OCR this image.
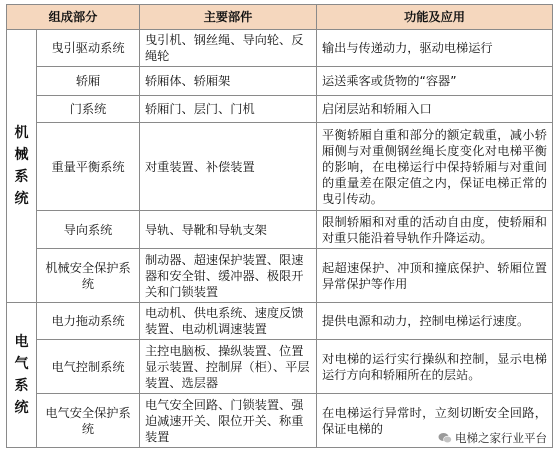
组成部分		主要部件	功能及应用

机
械
系
统	曳引驱动系统	曳引机、钢丝绳、导向轮、反绳轮	输出与传递动力，驱动电梯运行
	轿厢	轿厢体、轿厢架	运送乘客或货物的“容器”
	门系统	轿厢门、层门、门机	启闭层站和轿厢入口
	重量平衡系统	对重装置、补偿装置	平衡轿厢自重和部分的额定载重，减小轿厢侧与对重侧钢丝绳长度变化对电梯平衡的影响，在电梯运行中保持轿厢与对重间的重量差在限定值之内，保证电梯正常的曳引传动。
	导向系统	导轨、导靴和导轨支架	限制轿厢和对重的活动自由度，使轿厢和对重只能沿着导轨作升降运动。
	机械安全保护系统	制动器、超速保护装置、限速器和安全钳、缓冲器、极限开关和门锁装置	起超速保护、冲顶和撞底保护、轿厢位置异常保护等作用

电
气
系
统	电力拖动系统	电动机、供电系统、速度反馈装置、电动机调速装置	提供电源和动力，控制电梯运行速度。
	电气控制系统	主控电脑板、操纵装置、位置显示装置、控制屏（柜）、平层装置、选层器	对电梯的运行实行操纵和控制，显示电梯运行方向和轿厢所在的层站。
	电气安全保护系统	电气安全回路、门锁装置、强迫减速开关、限位开关、称重装置	在电梯运行异常时，立刻切断安全回路，保证电梯的
电梯之家行业平台
